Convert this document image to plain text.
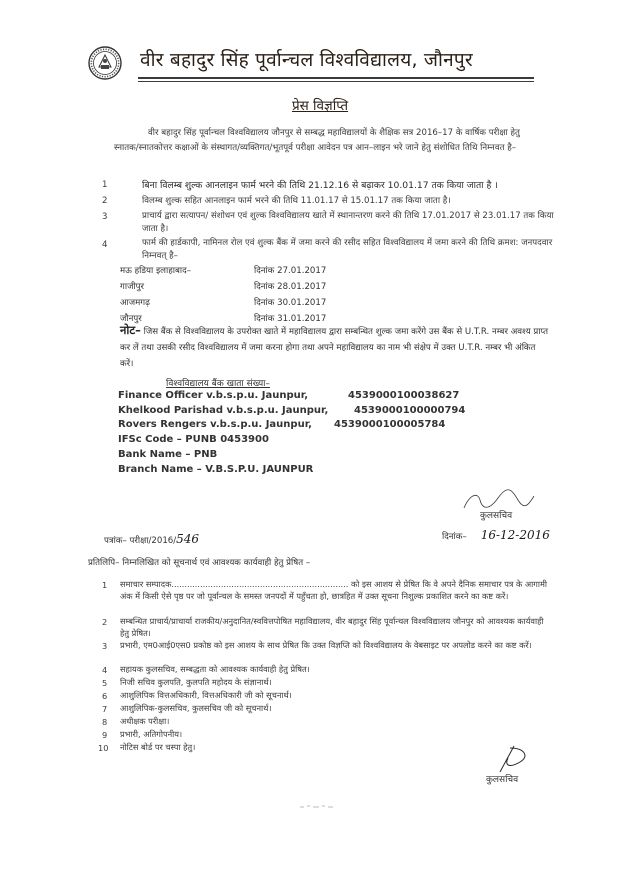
वीर बहादुर सिंह पूर्वान्चल विश्वविद्यालय, जौनपुर
प्रेस विज्ञप्ति
वीर बहादुर सिंह पूर्वान्चल विश्वविद्यालय जौनपुर से सम्बद्ध महाविद्यालयों के शैक्षिक सत्र 2016–17 के वार्षिक परीक्षा हेतु स्नातक/स्नातकोत्तर कक्षाओं के संस्थागत/व्यक्तिगत/भूतपूर्व परीक्षा आवेदन पत्र आन–लाइन भरे जाने हेतु संशोधित तिथि निम्नवत है–
1	बिना विलम्ब शुल्क आनलाइन फार्म भरने की तिथि 21.12.16 से बढ़ाकर 10.01.17 तक किया जाता है ।
2	विलम्ब शुल्क सहित आनलाइन फार्म भरने की तिथि 11.01.17 से 15.01.17 तक किया जाता है।
3	प्राचार्य द्वारा सत्यापन/ संशोधन एवं शुल्क विश्वविद्यालय खाते में स्थानान्तरण करने की तिथि 17.01.2017 से 23.01.17 तक किया जाता है।
4	फार्म की हार्डकापी, नामिनल रोल एवं शुल्क बैंक में जमा करने की रसीद सहित विश्वविद्यालय में जमा करने की तिथि क्रमश: जनपदवार निम्नवत् है–
मऊ हडिया इलाहाबाद–	दिनांक 27.01.2017
गाजीपुर	दिनांक 28.01.2017
आजमगढ़	दिनांक 30.01.2017
जौनपुर	दिनांक 31.01.2017
नोट– जिस बैंक से विश्वविद्यालय के उपरोक्त खाते में महाविद्यालय द्वारा सम्बन्धित शुल्क जमा करेंगे उस बैंक से U.T.R. नम्बर अवश्य प्राप्त कर लें तथा उसकी रसीद विश्वविद्यालय में जमा करना होगा तथा अपने महाविद्यालय का नाम भी संक्षेप में उक्त U.T.R. नम्बर भी अंकित करें।
विश्वविद्यालय बैंक खाता संख्या–
Finance Officer v.b.s.p.u. Jaunpur,	4539000100038627
Khelkood Parishad v.b.s.p.u. Jaunpur,	4539000100000794
Rovers Rengers v.b.s.p.u. Jaunpur, 4539000100005784
IFSc Code – PUNB 0453900
Bank Name – PNB
Branch Name – V.B.S.P.U. JAUNPUR
कुलसचिव
पत्रांक– परीक्षा/2016/546	दिनांक– 16-12-2016
प्रतिलिपि– निम्नलिखित को सूचनार्थ एवं आवश्यक कार्यवाही हेतु प्रेषित –
1 समाचार सम्पादक.................................................................... को इस आशय से प्रेषित कि वे अपने दैनिक समाचार पत्र के आगामी अंक में किसी ऐसे पृष्ठ पर जो पूर्वान्चल के समस्त जनपदों में पहुँचता हो, छात्रहित में उक्त सूचना निशुल्क प्रकाशित करने का कष्ट करें।
2 सम्बन्धित प्राचार्य/प्राचार्या राजकीय/अनुदानित/स्ववित्तपोषित महाविद्यालय, वीर बहादुर सिंह पूर्वान्चल विश्वविद्यालय जौनपुर को आवश्यक कार्यवाही हेतु प्रेषित।
3 प्रभारी, एम0आई0एस0 प्रकोष्ठ को इस आशय के साथ प्रेषित कि उक्त विज्ञप्ति को विश्वविद्यालय के वेबसाइट पर अपलोड करने का कष्ट करें।
4 सहायक कुलसचिव, सम्बद्धता को आवश्यक कार्यवाही हेतु प्रेषित।
5 निजी सचिव कुलपति, कुलपति महोदय के संज्ञानार्थ।
6 आशुलिपिक वित्तअधिकारी, वित्तअधिकारी जी को सूचनार्थ।
7 आशुलिपिक-कुलसचिव, कुलसचिव जी को सूचनार्थ।
8 अधीक्षक परीक्षा।
9 प्रभारी, अतिगोपनीय।
10 नोटिस बोर्ड पर चस्पा हेतु।
कुलसचिव
